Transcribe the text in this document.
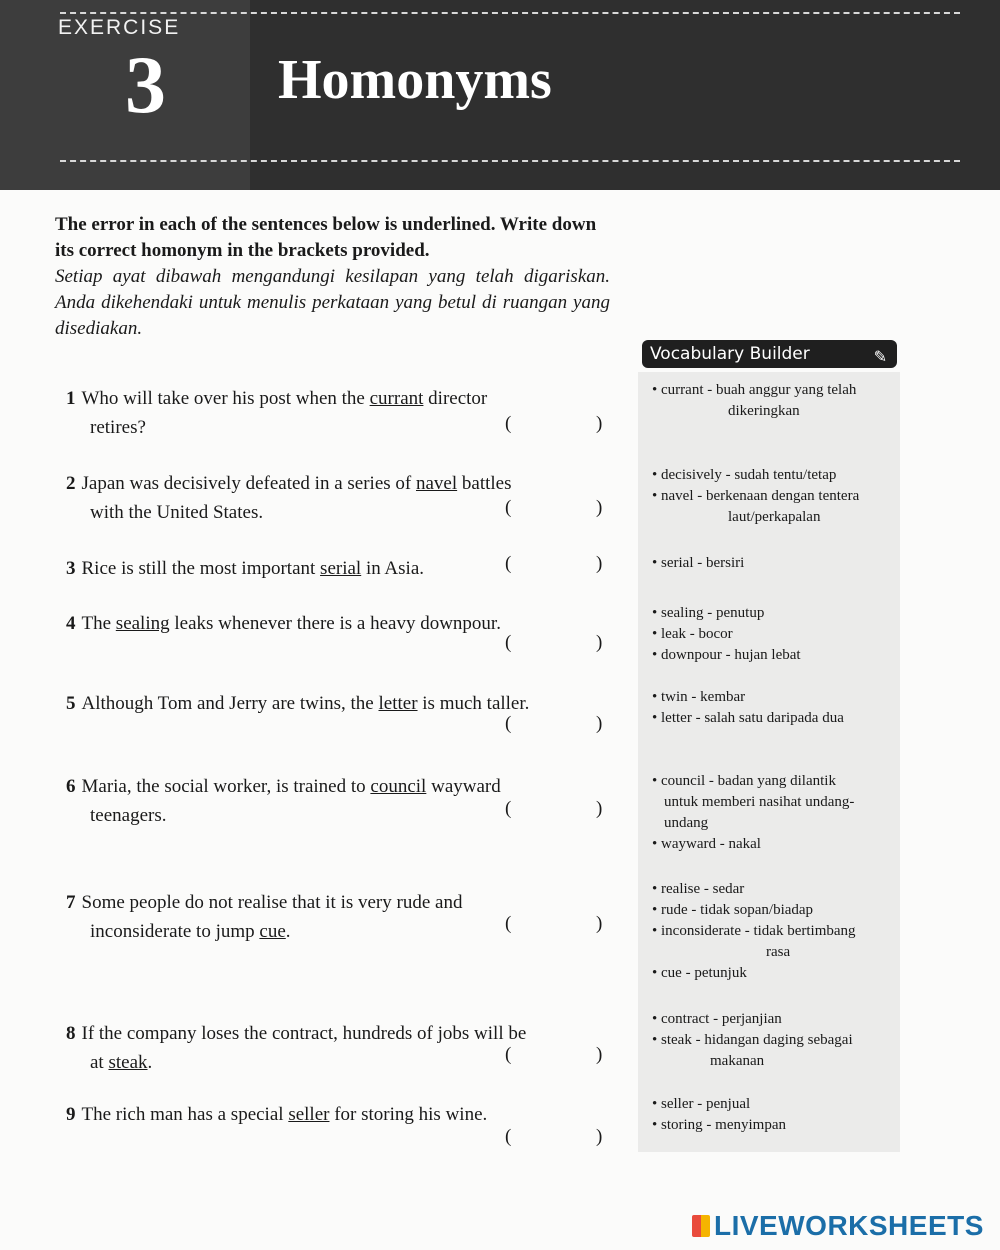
EXERCISE
3 Homonyms
The error in each of the sentences below is underlined. Write down its correct homonym in the brackets provided.
Setiap ayat dibawah mengandungi kesilapan yang telah digariskan. Anda dikehendaki untuk menulis perkataan yang betul di ruangan yang disediakan.
1 Who will take over his post when the currant director
retires?	(	)
2 Japan was decisively defeated in a series of navel battles
with the United States.	(	)
3 Rice is still the most important serial in Asia.	(	)
4 The sealing leaks whenever there is a heavy downpour.
(	)
5 Although Tom and Jerry are twins, the letter is much taller.
(	)
6 Maria, the social worker, is trained to council wayward
teenagers.	(	)
7 Some people do not realise that it is very rude and
inconsiderate to jump cue.	(	)
8 If the company loses the contract, hundreds of jobs will be
at steak.	(	)
9 The rich man has a special seller for storing his wine.
(	)
Vocabulary Builder	✎
• currant - buah anggur yang telah
dikeringkan
• decisively - sudah tentu/tetap
• navel - berkenaan dengan tentera
laut/perkapalan
• serial - bersiri
• sealing - penutup
• leak - bocor
• downpour - hujan lebat
• twin - kembar
• letter - salah satu daripada dua
• council - badan yang dilantik
untuk memberi nasihat undang-
undang
• wayward - nakal
• realise - sedar
• rude - tidak sopan/biadap
• inconsiderate - tidak bertimbang
rasa
• cue - petunjuk
• contract - perjanjian
• steak - hidangan daging sebagai
makanan
• seller - penjual
• storing - menyimpan
LIVEWORKSHEETS
